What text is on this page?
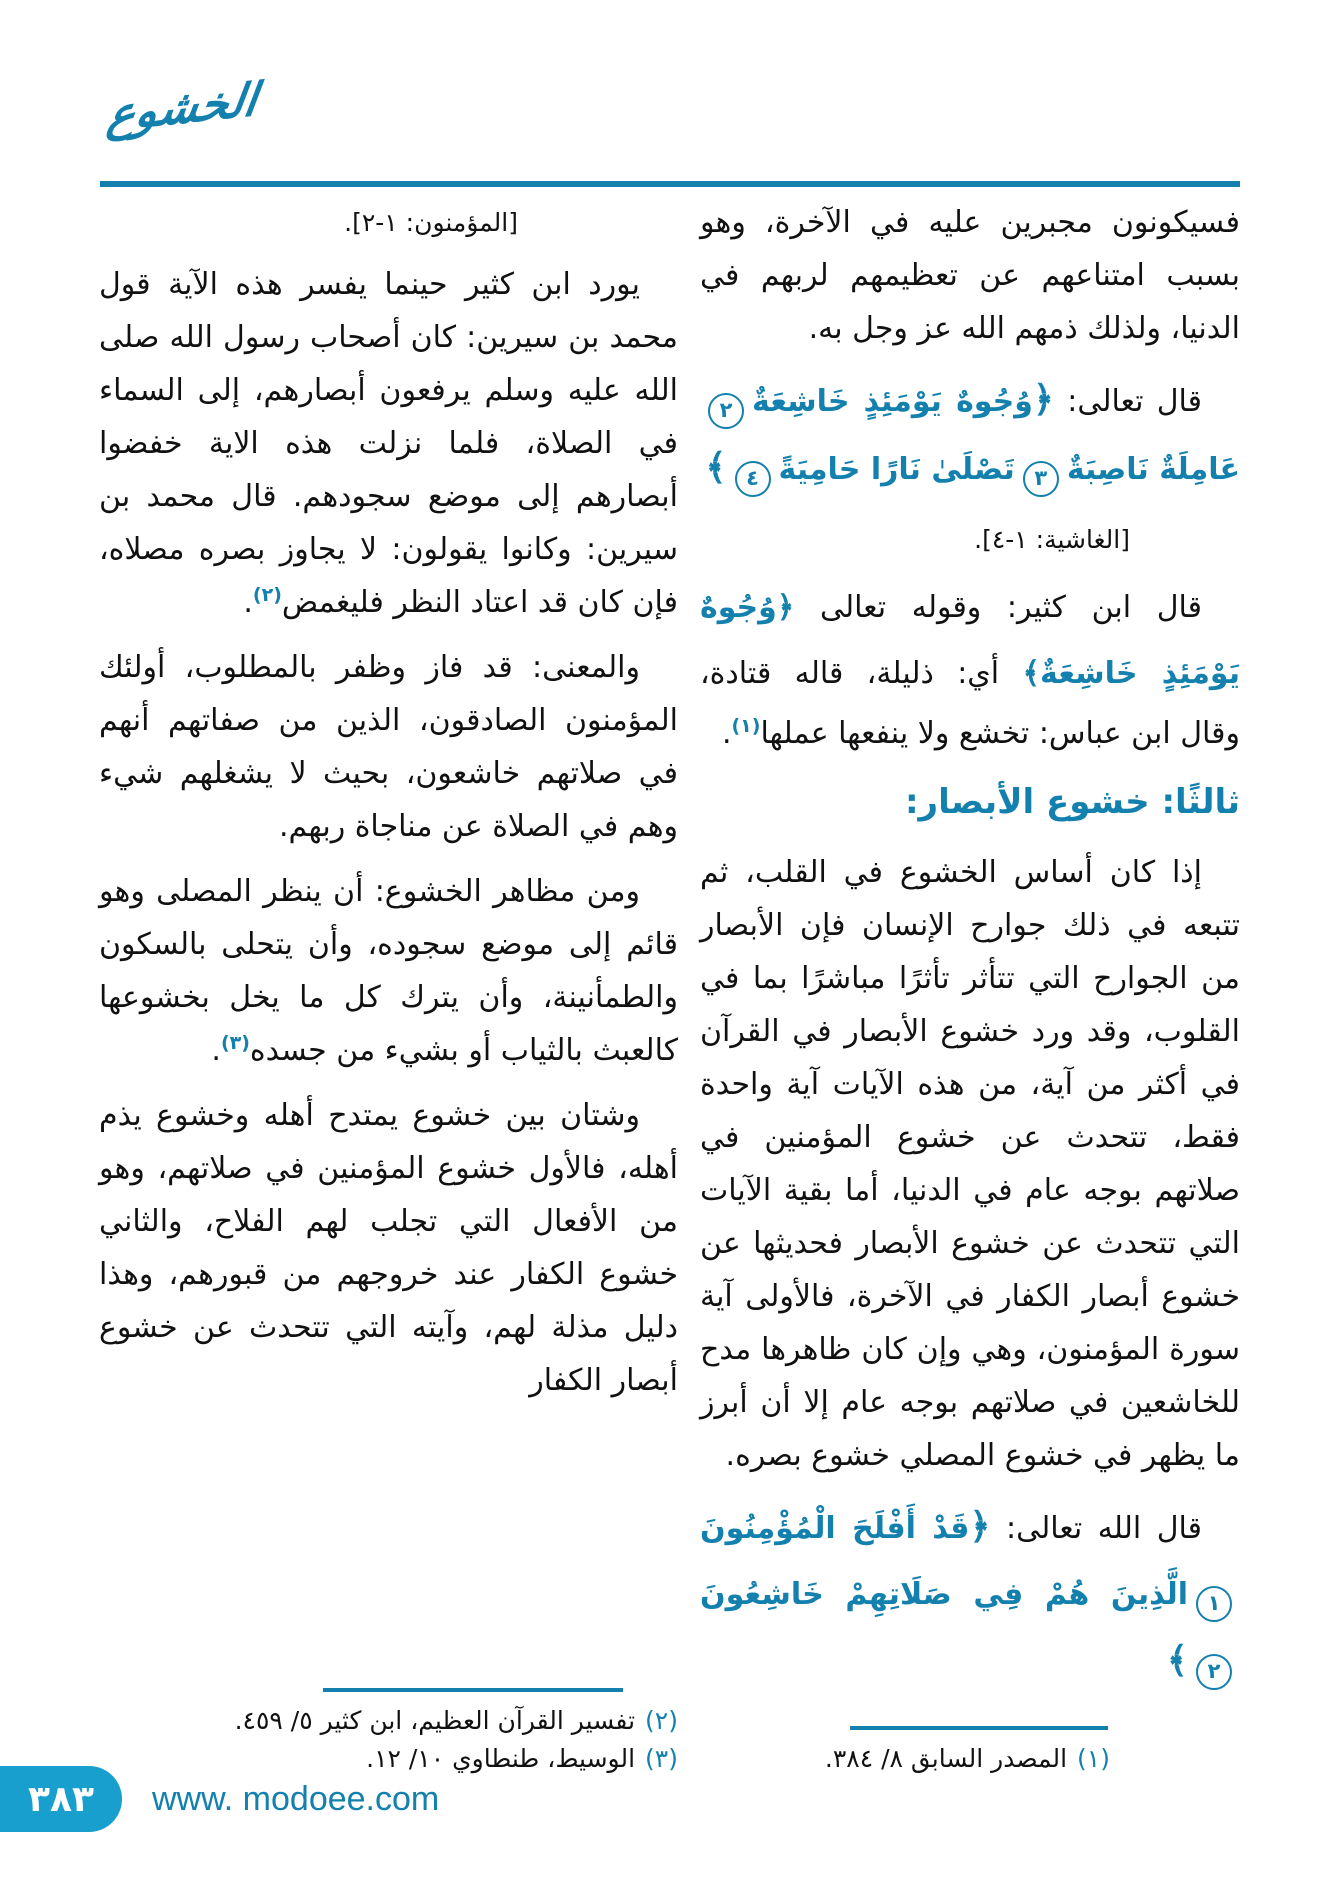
الخشوع

فسيكونون مجبرين عليه في الآخرة، وهو بسبب امتناعهم عن تعظيمهم لربهم في الدنيا، ولذلك ذمهم الله عز وجل به.

قال تعالى: ﴿وُجُوهٌ يَوْمَئِذٍ خَاشِعَةٌ٢عَامِلَةٌ نَاصِبَةٌ٣تَصْلَىٰ نَارًا حَامِيَةً٤﴾

[الغاشية: ١-٤].

قال ابن كثير: وقوله تعالى ﴿وُجُوهٌ يَوْمَئِذٍ خَاشِعَةٌ﴾ أي: ذليلة، قاله قتادة، وقال ابن عباس: تخشع ولا ينفعها عملها$^{(١)}$.

ثالثًا: خشوع الأبصار:

إذا كان أساس الخشوع في القلب، ثم تتبعه في ذلك جوارح الإنسان فإن الأبصار من الجوارح التي تتأثر تأثرًا مباشرًا بما في القلوب، وقد ورد خشوع الأبصار في القرآن في أكثر من آية، من هذه الآيات آية واحدة فقط، تتحدث عن خشوع المؤمنين في صلاتهم بوجه عام في الدنيا، أما بقية الآيات التي تتحدث عن خشوع الأبصار فحديثها عن خشوع أبصار الكفار في الآخرة، فالأولى آية سورة المؤمنون، وهي وإن كان ظاهرها مدح للخاشعين في صلاتهم بوجه عام إلا أن أبرز ما يظهر في خشوع المصلي خشوع بصره.

قال الله تعالى: ﴿قَدْ أَفْلَحَ الْمُؤْمِنُونَ١الَّذِينَ هُمْ فِي صَلَاتِهِمْ خَاشِعُونَ٢﴾

(١)المصدر السابق ٨/ ٣٨٤.

[المؤمنون: ١-٢].

يورد ابن كثير حينما يفسر هذه الآية قول محمد بن سيرين: كان أصحاب رسول الله صلى الله عليه وسلم يرفعون أبصارهم، إلى السماء في الصلاة، فلما نزلت هذه الاية خفضوا أبصارهم إلى موضع سجودهم. قال محمد بن سيرين: وكانوا يقولون: لا يجاوز بصره مصلاه، فإن كان قد اعتاد النظر فليغمض$^{(٢)}$.

والمعنى: قد فاز وظفر بالمطلوب، أولئك المؤمنون الصادقون، الذين من صفاتهم أنهم في صلاتهم خاشعون، بحيث لا يشغلهم شيء وهم في الصلاة عن مناجاة ربهم.

ومن مظاهر الخشوع: أن ينظر المصلى وهو قائم إلى موضع سجوده، وأن يتحلى بالسكون والطمأنينة، وأن يترك كل ما يخل بخشوعها كالعبث بالثياب أو بشيء من جسده$^{(٣)}$.

وشتان بين خشوع يمتدح أهله وخشوع يذم أهله، فالأول خشوع المؤمنين في صلاتهم، وهو من الأفعال التي تجلب لهم الفلاح، والثاني خشوع الكفار عند خروجهم من قبورهم، وهذا دليل مذلة لهم، وآيته التي تتحدث عن خشوع أبصار الكفار

(٢)تفسير القرآن العظيم، ابن كثير ٥/ ٤٥٩.

(٣)الوسيط، طنطاوي ١٠/ ١٢.

٣٨٣ www. modoee.com
